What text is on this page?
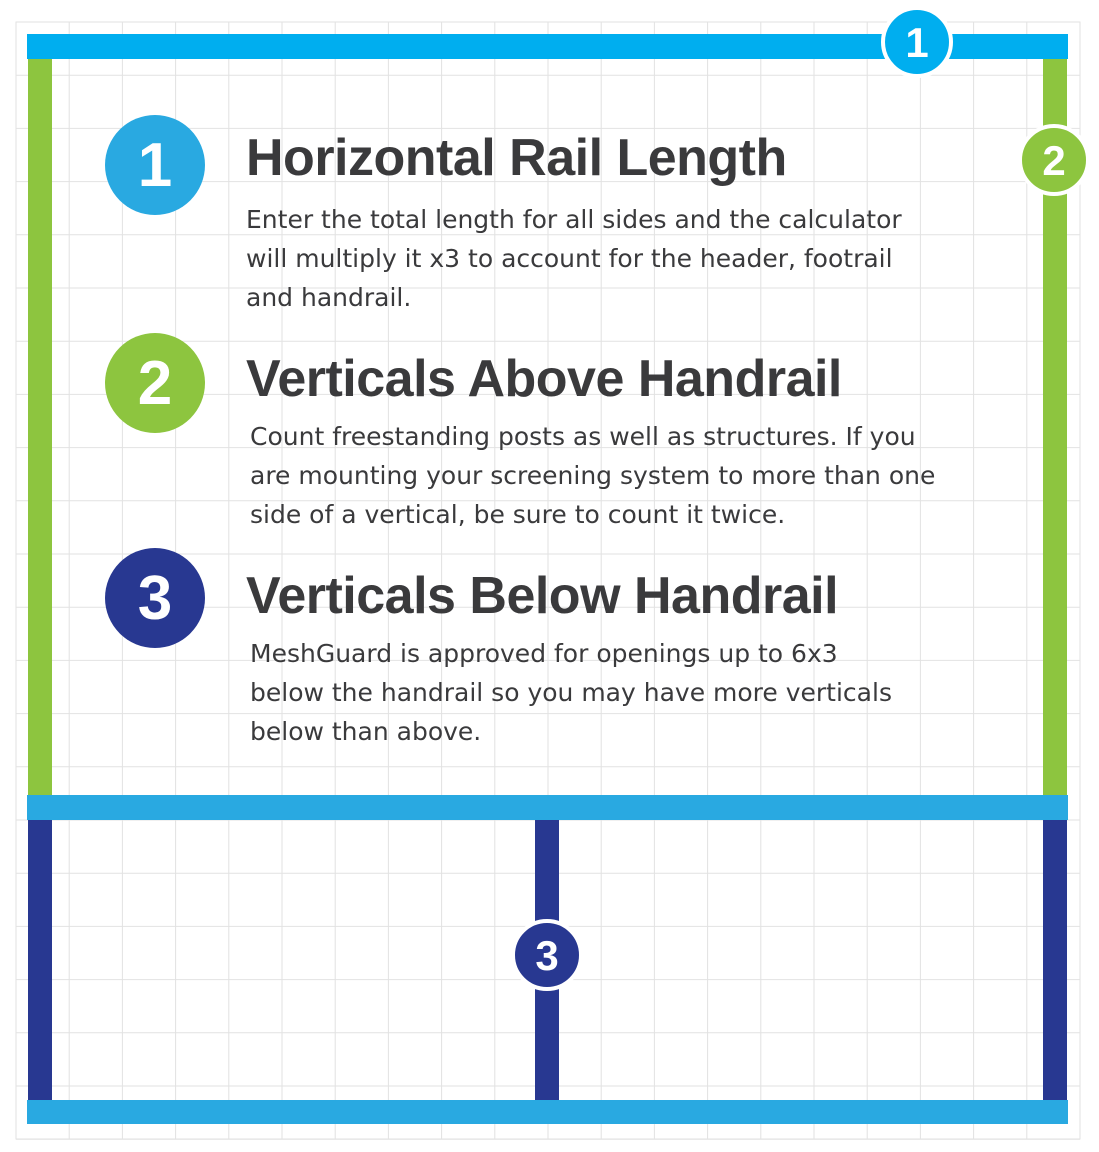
1
2
3
1	Horizontal Rail Length

Enter the total length for all sides and the calculator
will multiply it x3 to account for the header, footrail
and handrail.

2	Verticals Above Handrail

Count freestanding posts as well as structures. If you
are mounting your screening system to more than one
side of a vertical, be sure to count it twice.

3	Verticals Below Handrail

MeshGuard is approved for openings up to 6x3
below the handrail so you may have more verticals
below than above.
